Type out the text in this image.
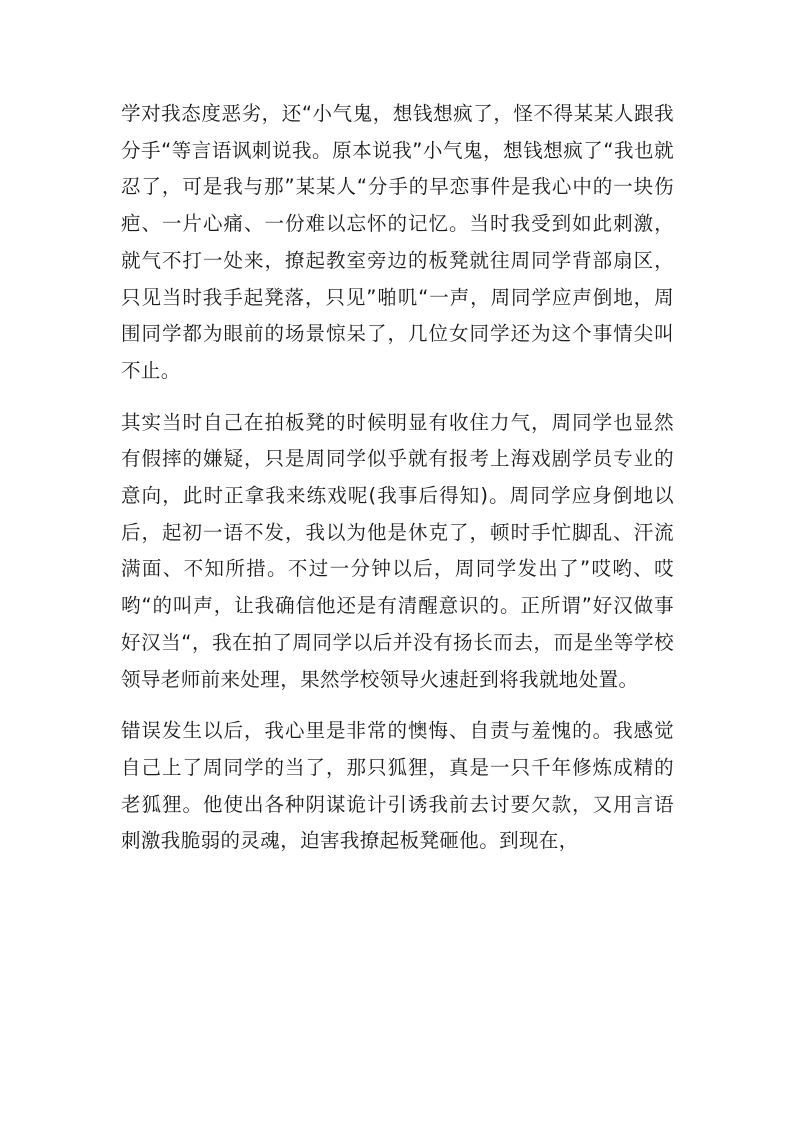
学对我态度恶劣，还“小气鬼，想钱想疯了，怪不得某某人跟我分手“等言语讽刺说我。原本说我”小气鬼，想钱想疯了“我也就忍了，可是我与那”某某人“分手的早恋事件是我心中的一块伤疤、一片心痛、一份难以忘怀的记忆。当时我受到如此刺激，就气不打一处来，撩起教室旁边的板凳就往周同学背部扇区，只见当时我手起凳落，只见”啪叽“一声，周同学应声倒地，周围同学都为眼前的场景惊呆了，几位女同学还为这个事情尖叫不止。

其实当时自己在拍板凳的时候明显有收住力气，周同学也显然有假摔的嫌疑，只是周同学似乎就有报考上海戏剧学员专业的意向，此时正拿我来练戏呢(我事后得知)。周同学应身倒地以后，起初一语不发，我以为他是休克了，顿时手忙脚乱、汗流满面、不知所措。不过一分钟以后，周同学发出了”哎哟、哎哟“的叫声，让我确信他还是有清醒意识的。正所谓”好汉做事好汉当“，我在拍了周同学以后并没有扬长而去，而是坐等学校领导老师前来处理，果然学校领导火速赶到将我就地处置。

错误发生以后，我心里是非常的懊悔、自责与羞愧的。我感觉自己上了周同学的当了，那只狐狸，真是一只千年修炼成精的老狐狸。他使出各种阴谋诡计引诱我前去讨要欠款，又用言语刺激我脆弱的灵魂，迫害我撩起板凳砸他。到现在，
